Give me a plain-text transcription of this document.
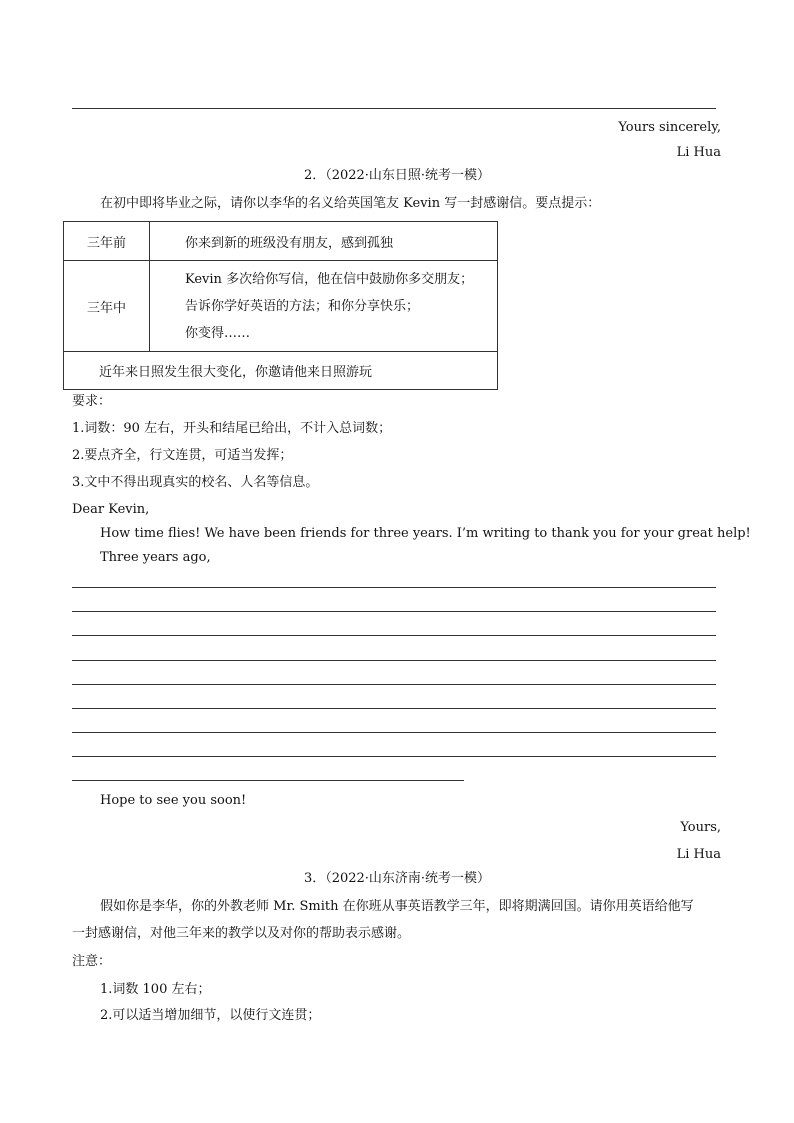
Yours sincerely,
Li Hua
2．（2022·山东日照·统考一模）
在初中即将毕业之际，请你以李华的名义给英国笔友 Kevin 写一封感谢信。要点提示：
三年前	你来到新的班级没有朋友，感到孤独
三年中	Kevin 多次给你写信，他在信中鼓励你多交朋友；
告诉你学好英语的方法；和你分享快乐；
你变得……

近年来日照发生很大变化，你邀请他来日照游玩	
要求：
1.词数：90 左右，开头和结尾已给出，不计入总词数；
2.要点齐全，行文连贯，可适当发挥；
3.文中不得出现真实的校名、人名等信息。
Dear Kevin,
How time flies! We have been friends for three years. I’m writing to thank you for your great help!
Three years ago,
Hope to see you soon!
Yours,
Li Hua
3．（2022·山东济南·统考一模）
假如你是李华，你的外教老师 Mr. Smith 在你班从事英语教学三年，即将期满回国。请你用英语给他写
一封感谢信，对他三年来的教学以及对你的帮助表示感谢。
注意：
1.词数 100 左右；
2.可以适当增加细节，以使行文连贯；
